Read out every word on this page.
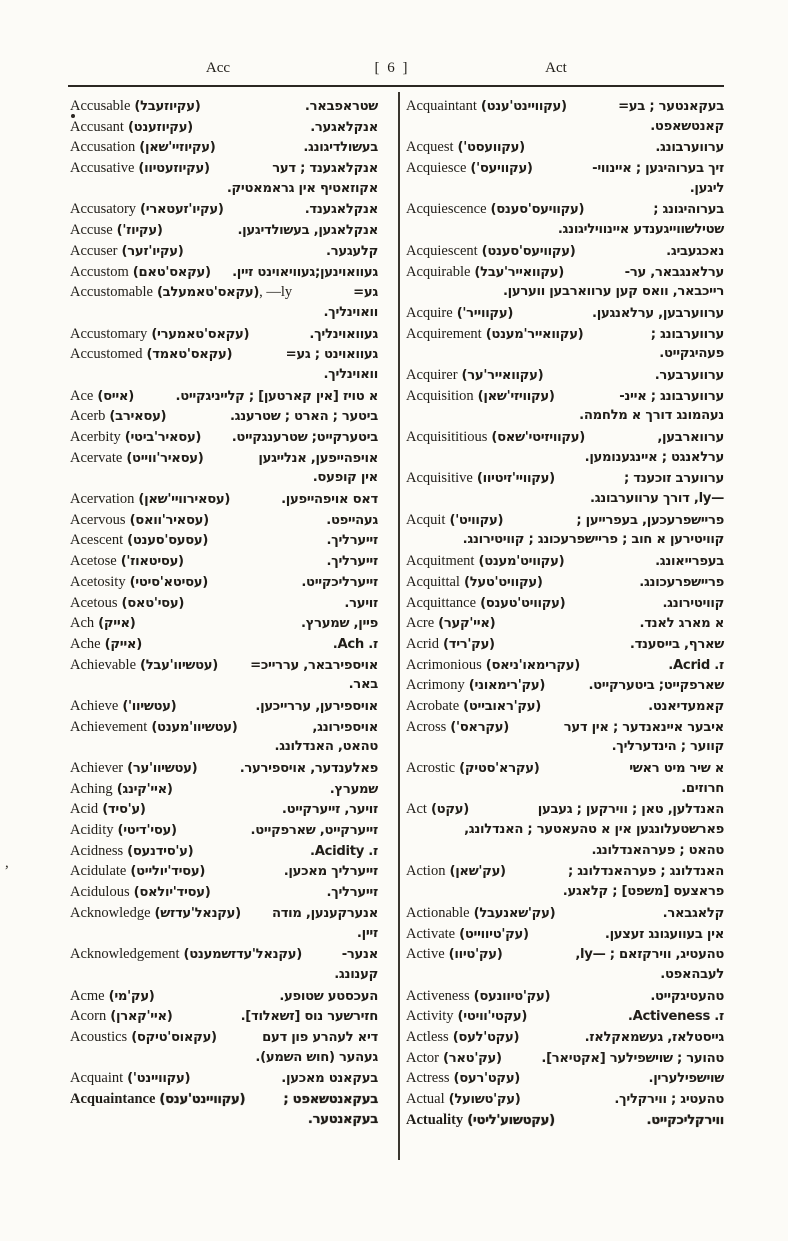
Acc	[ 6 ]	Act
,
Accusable (עקיוזעבל)	שטראפבאר.
Accusant (עקיוזענט)	אנקלאגער.
Accusation (עקיוזיי'שאן)	בעשולדיגונג.
Accusative (עקיוזעטיוו)	אנקלאגענד ; דער
אקוזאטיף אין גראמאטיק.
Accusatory (עקיו'זעטארי)	אנקלאגענד.
Accuse (עקיוז')	אנקלאגען, בעשולדיגען.
Accuser (עקיו'זער)	קלעגער.
Accustom (עקאס'טאם) געוואוינען;געוויאוינט זיין.
Accustomable (עקאס'טאמעלב), —ly	גע=
וואוינליך.
Accustomary (עקאס'טאמערי)	געוואוינליך.
Accustomed (עקאס'טאמד)	געוואוינט ; גע=
וואוינליך.
Ace (אייס)	א טויז [אין קארטען] ; קלייניגקייט.
Acerb (עסאירב)	ביטער ; הארט ; שטרענג.
Acerbity (עסאיר'ביטי) ביטערקייט; שטרענגקייט.
Acervate (עסאיר'ווייט)	אויפהייפען, אנלייגען
אין קופעס.
Acervation (עסאירוויי'שאן)	דאס אויפהייפען.
Acervous (עסאיר'וואס)	געהייפט.
Acescent (עסעס'סענט)	זייערליך.
Acetose (עסיטאוז')	זייערליך.
Acetosity (עסיטא'סיטי)	זייערליכקייט.
Acetous (עסי'טאס)	זויער.
Ach (אייק)	פיין, שמערץ.
Ache (אייק)	ז. Ach.
Achievable (עטשיוו'עבל) אויספירבאר, עררייכ=
באר.
Achieve (עטשיוו')	אויספירען, עררייכען.
Achievement (עטשיוו'מענט)	אויספירונג,
טהאט, האנדלונג.
Achiever (עטשיוו'ער)	פאלענדער, אויספירער.
Aching (איי'קינג)	שמערץ.
Acid (ע'סיד)	זויער, זייערקייט.
Acidity (עסי'דיטי)	זייערקייט, שארפקייט.
Acidness (ע'סידנעס)	ז. Acidity.
Acidulate (עסיד'יולייט)	זייערליך מאכען.
Acidulous (עסיד'יולאס)	זייערליך.
Acknowledge (עקנאל'עדזש) אנערקענען, מודה
זיין.
Acknowledgement (עקנאל'עדזשמענט)	אנער-
קענונג.
Acme (עק'מי)	העכסטע שטופע.
Acorn (איי'קארן)	חזירשער נוס [זשאלוד].
Acoustics (עקאוס'טיקס)	דיא לעהרע פון דעם
געהער (חוש השמע).
Acquaint (עקוויינט')	בעקאנט מאכען.
Acquaintance (עקוויינט'ענס)	בעקאנטשאפט ;
בעקאנטער.
Acquaintant (עקוויינט'ענט)	בעקאנטער ; בע=
קאנטשאפט.
Acquest (עקוועסט')	ערווערבונג.
Acquiesce (עקוויעס')	זיך בערוהיגען ; איינווי-
ליגען.
Acquiescence (עקוויעס'סענס)	בערוהיגונג ;
שטילשווייגענדע איינוויליגונג.
Acquiescent (עקוויעס'סענט)	נאכגעביג.
Acquirable (עקוואייר'עבל)	ערלאנגבאר, ער-
רייכבאר, וואס קען ערווארבען ווערען.
Acquire (עקווייר')	ערווערבען, ערלאנגען.
Acquirement (עקוואייר'מענט)	ערווערבונג ;
פעהיגקייט.
Acquirer (עקוואייר'ער)	ערווערבער.
Acquisition (עקוויזי'שאן)	ערווערבונג ; איינ-
נעהמונג דורך א מלחמה.
Acquisititious (עקוויזיטי'שאס)	ערווארבען,
ערלאנגט ; איינגענומען.
Acquisitive (עקוויי'זיטיוו)	ערווערב זוכענד ;
—ly, דורך ערווערבונג.
Acquit (עקוויט')	פריישפרעכען, בעפרייען ;
קוויטירען א חוב ; פריישפרעכונג ; קוויטירונג.
Acquitment (עקוויט'מענט)	בעפרייאונג.
Acquittal (עקוויט'טעל)	פריישפרעכונג.
Acquittance (עקוויט'טענס)	קוויטירונג.
Acre (איי'קער)	א מארג לאנד.
Acrid (עק'ריד)	שארף, בייסענד.
Acrimonious (עקרימאו'ניאס)	ז. Acrid.
Acrimony (עק'רימאוני)	שארפקייט; ביטערקייט.
Acrobate (עק'ראובייט)	קאמעדיאנט.
Across (עקראס')	איבער איינאנדער ; אין דער
קווער ; הינדערליך.
Acrostic (עקרא'סטיק)	א שיר מיט ראשי
חרוזים.
Act (עקט)	האנדלען, טאן ; ווירקען ; געבען
פארשטעלונגען אין א טהעאטער ; האנדלונג,
טהאט ; פערהאנדלונג.
Action (עק'שאן)	האנדלונג ; פערהאנדלונג ;
פראצעס [משפט] ; קלאגע.
Actionable (עק'שאנעבל)	קלאגבאר.
Activate (עק'טיווייט)	אין בעוועגונג זעצען.
Active (עק'טיוו)	טהעטיג, ווירקזאם ; —ly,
לעבהאפט.
Activeness (עק'טיוונעס)	טהעטיגקייט.
Activity (עקטי'וויטי)	ז. Activeness.
Actless (עקט'לעס)	גייסטלאז, געשמאקלאז.
Actor (עק'טאר)	טהוער ; שוישפילער [אקטיאר].
Actress (עקט'רעס)	שוישפילערין.
Actual (עק'טשועל)	טהעטיג ; ווירקליך.
Actuality (עקטשוע'ליטי)	ווירקליכקייט.
